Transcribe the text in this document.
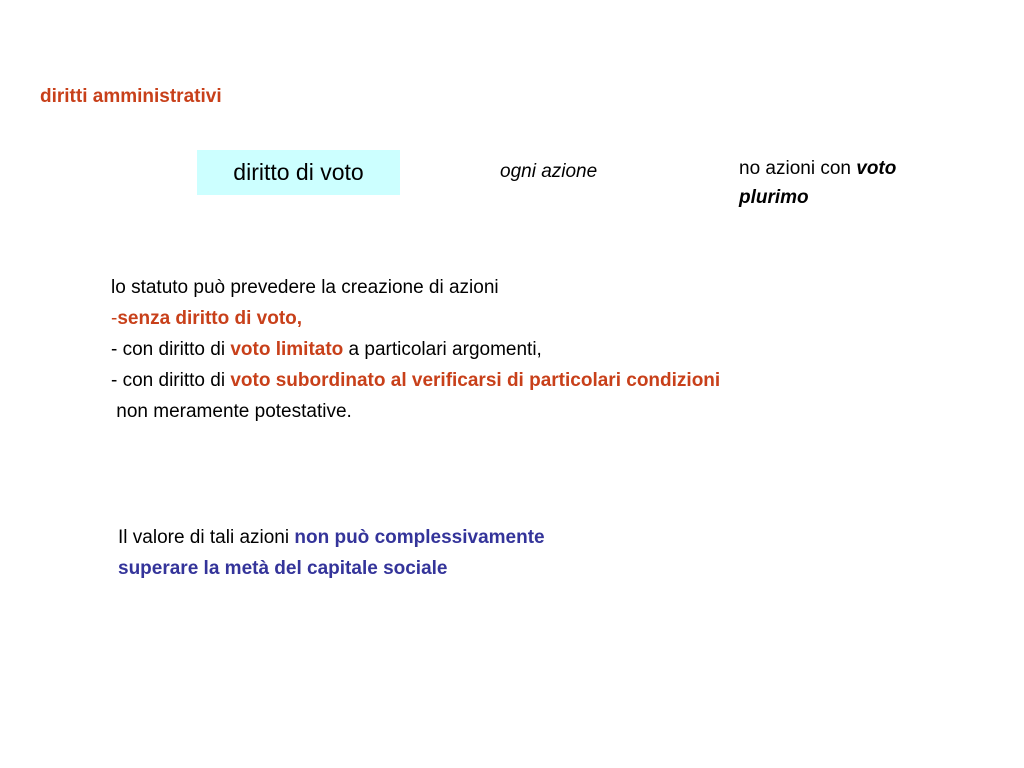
diritti amministrativi
diritto di voto	ogni azione	no azioni con voto
plurimo
lo statuto può prevedere la creazione di azioni
-senza diritto di voto,
- con diritto di voto limitato a particolari argomenti,
- con diritto di voto subordinato al verificarsi di particolari condizioni
non meramente potestative.
Il valore di tali azioni non può complessivamente
superare la metà del capitale sociale
